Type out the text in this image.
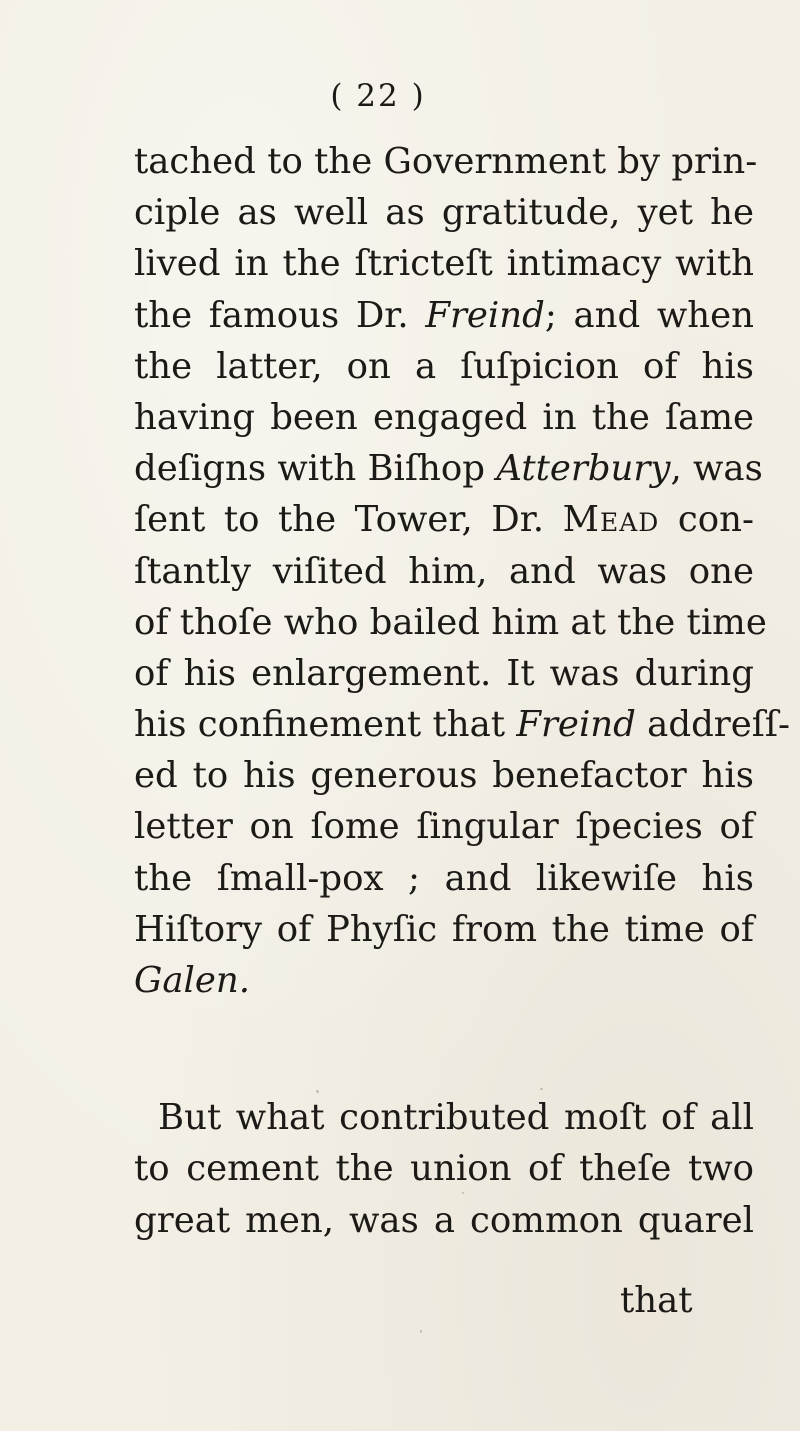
( 22 )
tached to the Government by prin-
ciple as well as gratitude, yet he
lived in the ſtricteſt intimacy with
the famous Dr. Freind; and when
the latter, on a ſuſpicion of his
having been engaged in the ſame
deſigns with Biſhop Atterbury, was
ſent to the Tower, Dr. Mead con-
ſtantly viſited him, and was one
of thoſe who bailed him at the time
of his enlargement. It was during
his confinement that Freind addreſſ-
ed to his generous benefactor his
letter on ſome ſingular ſpecies of
the ſmall-pox ; and likewiſe his
Hiſtory of Phyſic from the time of
Galen.
But what contributed moſt of all
to cement the union of theſe two
great men, was a common quarel
that
